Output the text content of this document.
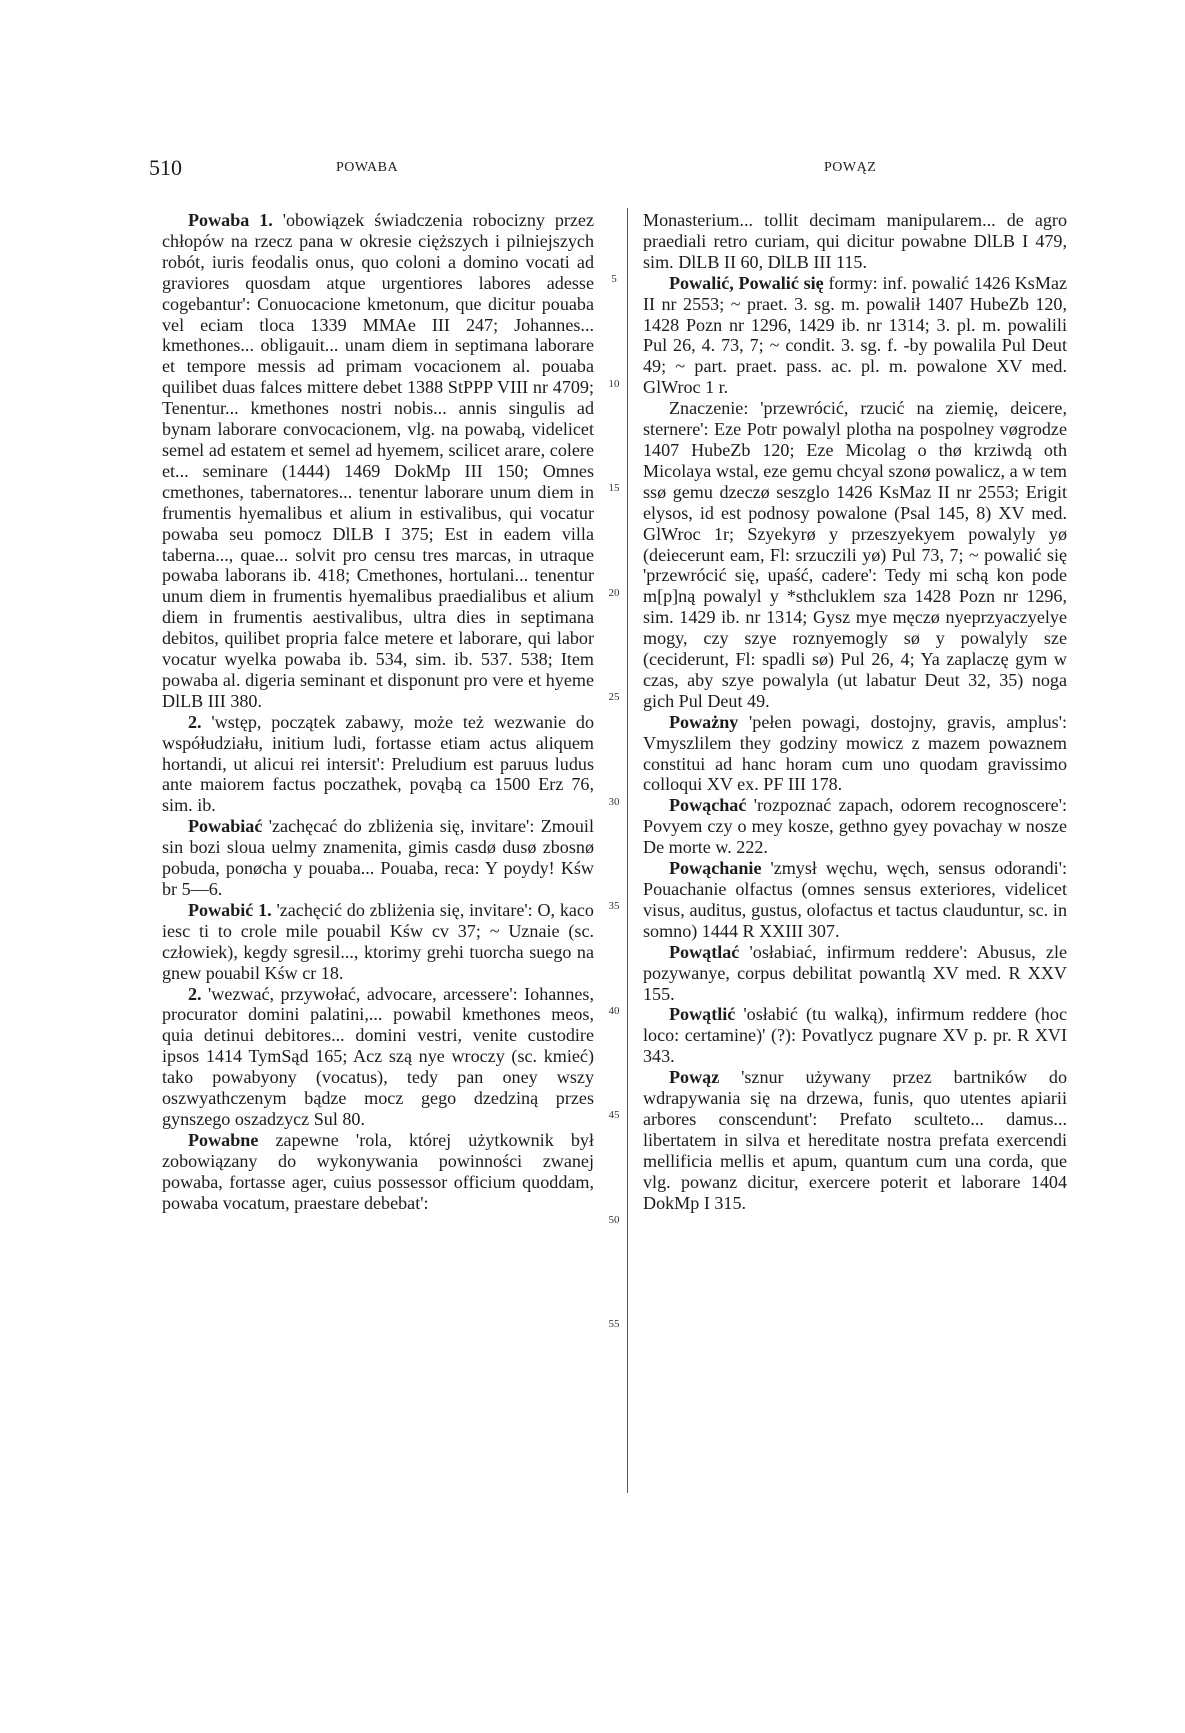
510	POWABA	POWĄZ

Powaba 1. 'obowiązek świadczenia robocizny przez chłopów na rzecz pana w okresie cięższych i pilniejszych robót, iuris feodalis onus, quo coloni a domino vocati ad graviores quosdam atque urgentiores labores adesse cogebantur': Conuocacione kmetonum, que dicitur pouaba vel eciam tloca 1339 MMAe III 247; Johannes... kmethones... obligauit... unam diem in septimana laborare et tempore messis ad primam vocacionem al. pouaba quilibet duas falces mittere debet 1388 StPPP VIII nr 4709; Tenentur... kmethones nostri nobis... annis singulis ad bynam laborare convocacionem, vlg. na powabą, videlicet semel ad estatem et semel ad hyemem, scilicet arare, colere et... seminare (1444) 1469 DokMp III 150; Omnes cmethones, tabernatores... tenentur laborare unum diem in frumentis hyemalibus et alium in estivalibus, qui vocatur powaba seu pomocz DlLB I 375; Est in eadem villa taberna..., quae... solvit pro censu tres marcas, in utraque powaba laborans ib. 418; Cmethones, hortulani... tenentur unum diem in frumentis hyemalibus praedialibus et alium diem in frumentis aestivalibus, ultra dies in septimana debitos, quilibet propria falce metere et laborare, qui labor vocatur wyelka powaba ib. 534, sim. ib. 537. 538; Item powaba al. digeria seminant et disponunt pro vere et hyeme DlLB III 380.

2. 'wstęp, początek zabawy, może też wezwanie do współudziału, initium ludi, fortasse etiam actus aliquem hortandi, ut alicui rei intersit': Preludium est paruus ludus ante maiorem factus poczathek, povąbą ca 1500 Erz 76, sim. ib.

Powabiać 'zachęcać do zbliżenia się, invitare': Zmouil sin bozi sloua uelmy znamenita, gimis casdø dusø zbosnø pobuda, ponøcha y pouaba... Pouaba, reca: Y poydy! Kśw br 5—6.

Powabić 1. 'zachęcić do zbliżenia się, invitare': O, kaco iesc ti to crole mile pouabil Kśw cv 37; ~ Uznaie (sc. człowiek), kegdy sgresil..., ktorimy grehi tuorcha suego na gnew pouabil Kśw cr 18.

2. 'wezwać, przywołać, advocare, arcessere': Iohannes, procurator domini palatini,... powabil kmethones meos, quia detinui debitores... domini vestri, venite custodire ipsos 1414 TymSąd 165; Acz szą nye wroczy (sc. kmieć) tako powabyony (vocatus), tedy pan oney wszy oszwyathczenym bądze mocz gego dzedziną przes gynszego oszadzycz Sul 80.

Powabne zapewne 'rola, której użytkownik był zobowiązany do wykonywania powinności zwanej powaba, fortasse ager, cuius possessor officium quoddam, powaba vocatum, praestare debebat':

5
10
15
20
25
30
35
40
45
50
55

Monasterium... tollit decimam manipularem... de agro praediali retro curiam, qui dicitur powabne DlLB I 479, sim. DlLB II 60, DlLB III 115.

Powalić, Powalić się formy: inf. powalić 1426 KsMaz II nr 2553; ~ praet. 3. sg. m. powalił 1407 HubeZb 120, 1428 Pozn nr 1296, 1429 ib. nr 1314; 3. pl. m. powalili Pul 26, 4. 73, 7; ~ condit. 3. sg. f. -by powalila Pul Deut 49; ~ part. praet. pass. ac. pl. m. powalone XV med. GlWroc 1 r.

Znaczenie: 'przewrócić, rzucić na ziemię, deicere, sternere': Eze Potr powalyl plotha na pospolney vøgrodze 1407 HubeZb 120; Eze Micolag o thø krziwdą oth Micolaya wstal, eze gemu chcyal szonø powalicz, a w tem ssø gemu dzeczø seszglo 1426 KsMaz II nr 2553; Erigit elysos, id est podnosy powalone (Psal 145, 8) XV med. GlWroc 1r; Szyekyrø y przeszyekyem powalyly yø (deiecerunt eam, Fl: srzuczili yø) Pul 73, 7; ~ powalić się 'przewrócić się, upaść, cadere': Tedy mi schą kon pode m[p]ną powalyl y *sthcluklem sza 1428 Pozn nr 1296, sim. 1429 ib. nr 1314; Gysz mye męczø nyeprzyaczyelye mogy, czy szye roznyemogly sø y powalyly sze (ceciderunt, Fl: spadli sø) Pul 26, 4; Ya zaplaczę gym w czas, aby szye powalyla (ut labatur Deut 32, 35) noga gich Pul Deut 49.

Poważny 'pełen powagi, dostojny, gravis, amplus': Vmyszlilem they godziny mowicz z mazem powaznem constitui ad hanc horam cum uno quodam gravissimo colloqui XV ex. PF III 178.

Powąchać 'rozpoznać zapach, odorem recognoscere': Povyem czy o mey kosze, gethno gyey povachay w nosze De morte w. 222.

Powąchanie 'zmysł węchu, węch, sensus odorandi': Pouachanie olfactus (omnes sensus exteriores, videlicet visus, auditus, gustus, olofactus et tactus clauduntur, sc. in somno) 1444 R XXIII 307.

Powątlać 'osłabiać, infirmum reddere': Abusus, zle pozywanye, corpus debilitat powantlą XV med. R XXV 155.

Powątlić 'osłabić (tu walką), infirmum reddere (hoc loco: certamine)' (?): Povatlycz pugnare XV p. pr. R XVI 343.

Powąz 'sznur używany przez bartników do wdrapywania się na drzewa, funis, quo utentes apiarii arbores conscendunt': Prefato sculteto... damus... libertatem in silva et hereditate nostra prefata exercendi mellificia mellis et apum, quantum cum una corda, que vlg. powanz dicitur, exercere poterit et laborare 1404 DokMp I 315.
